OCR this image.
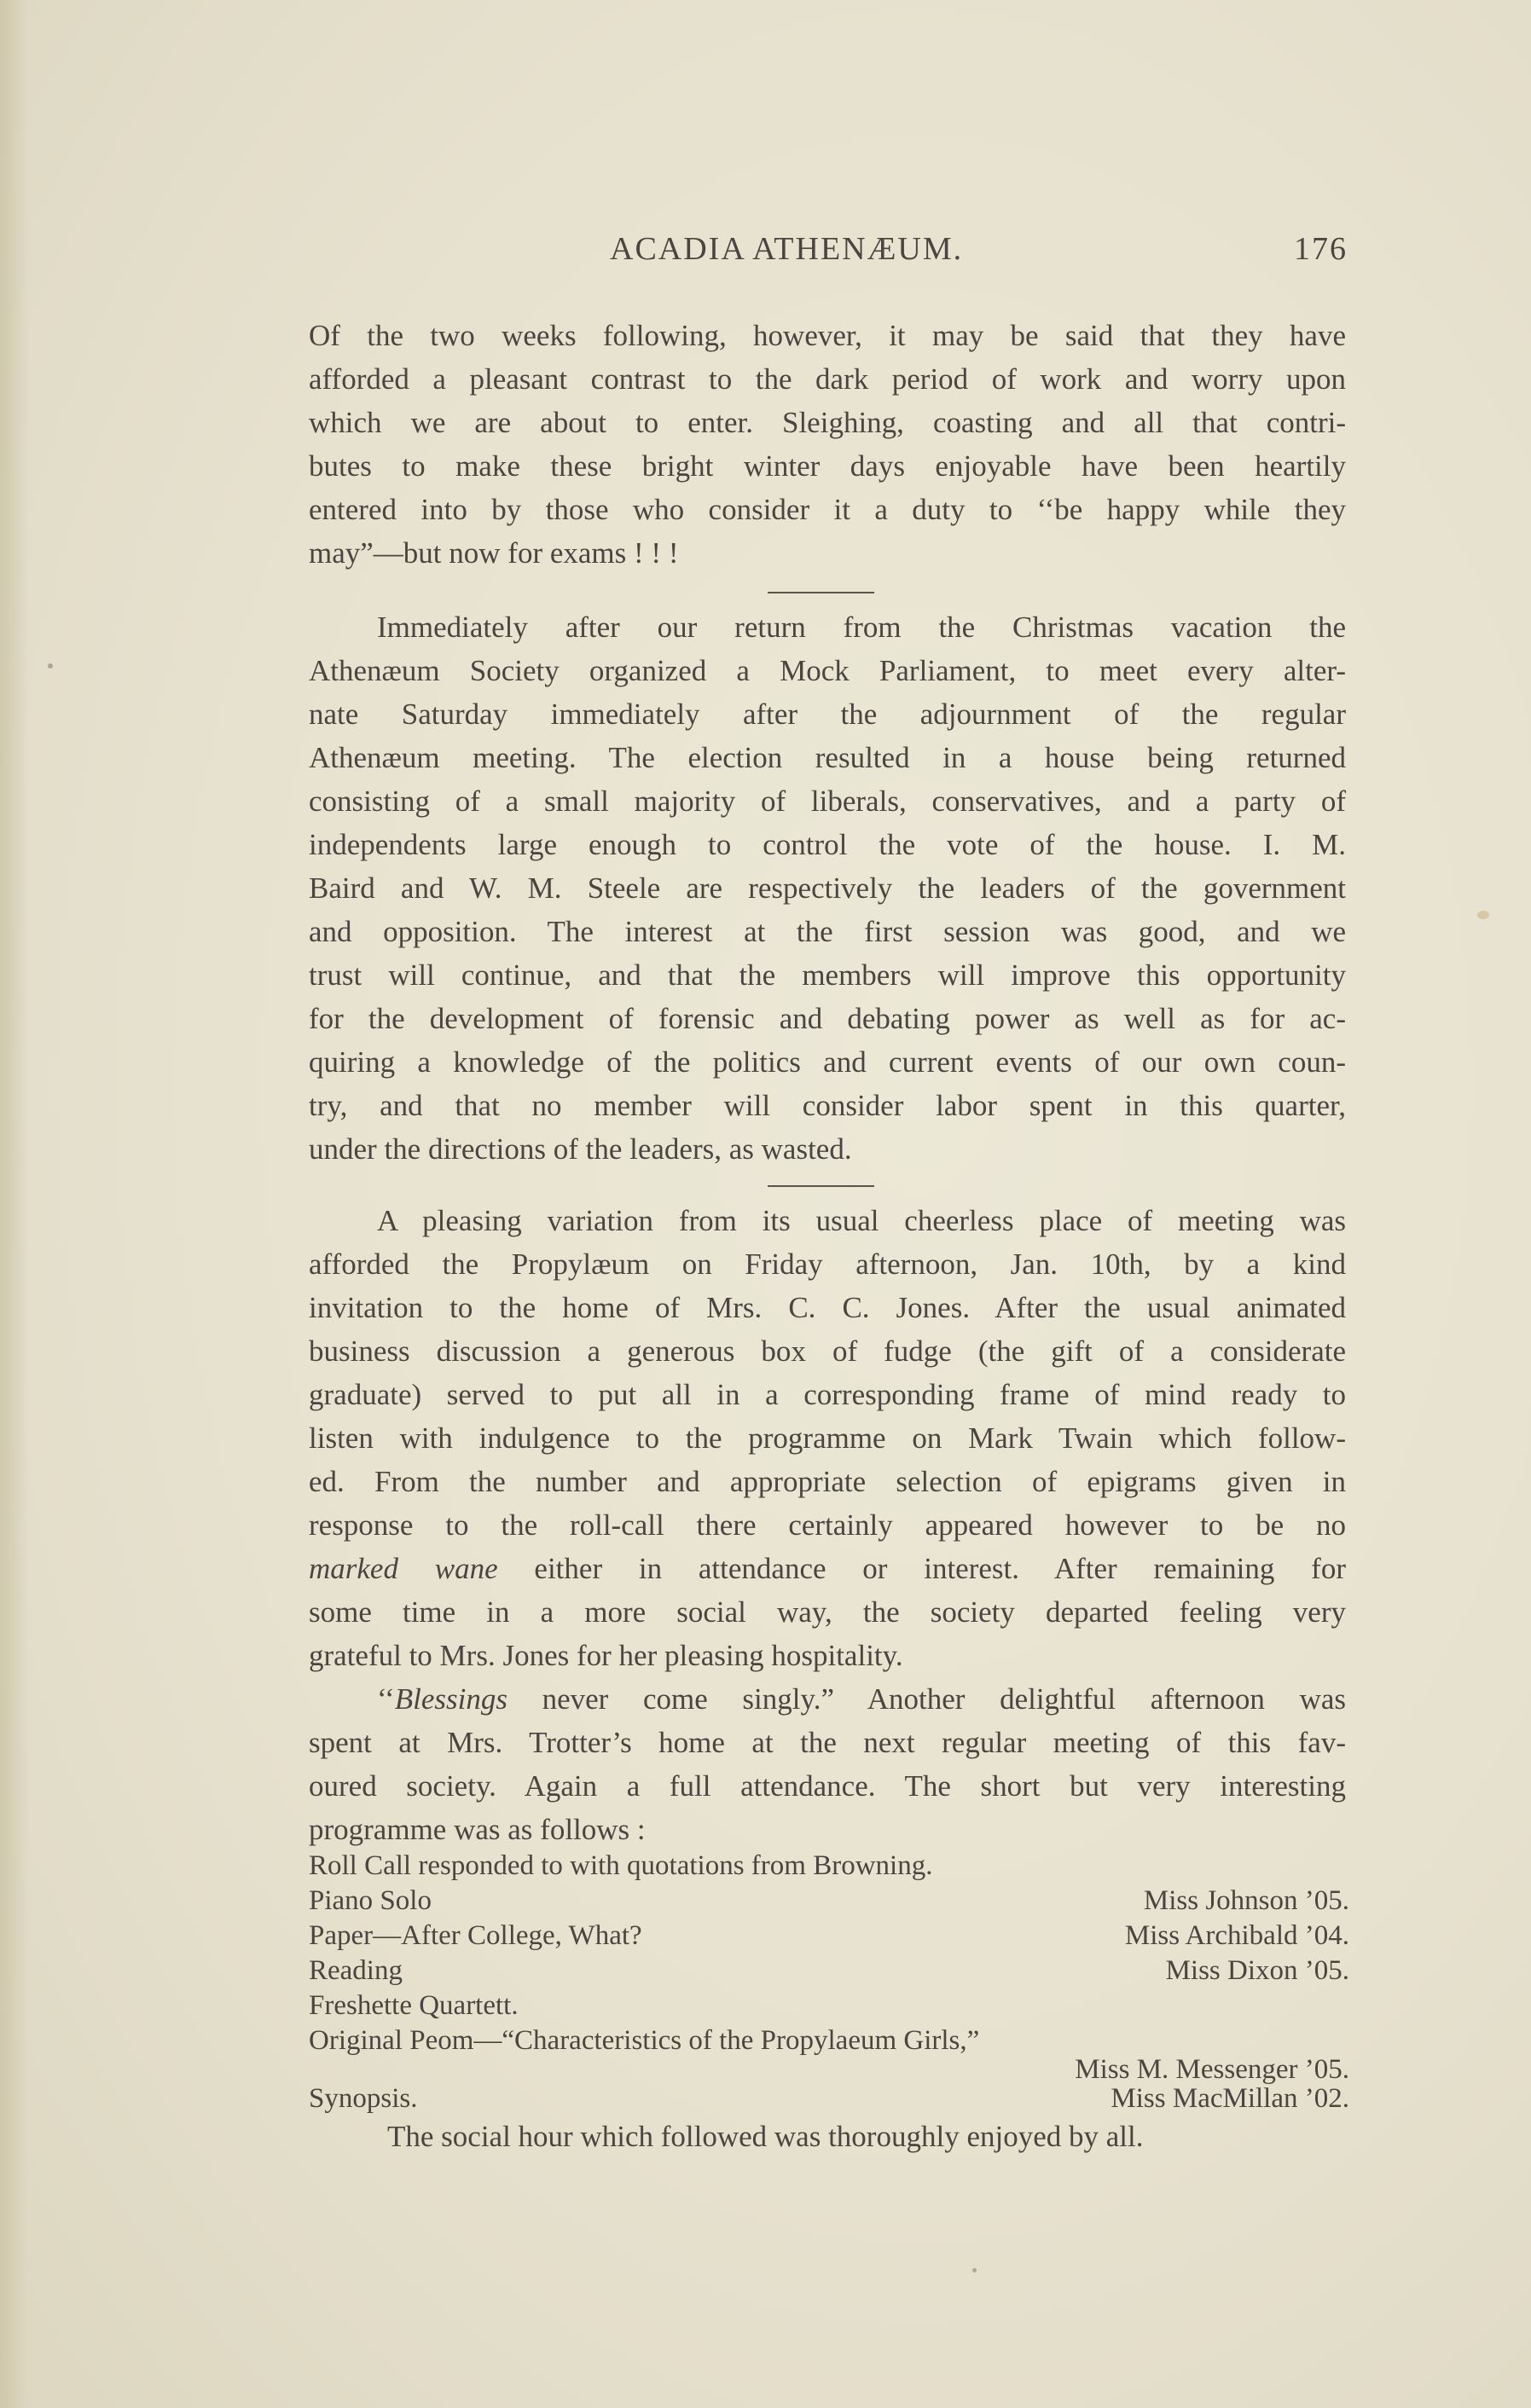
ACADIA ATHENÆUM.	176

Of the two weeks following, however, it may be said that they have
afforded a pleasant contrast to the dark period of work and worry upon
which we are about to enter. Sleighing, coasting and all that contri-
butes to make these bright winter days enjoyable have been heartily
entered into by those who consider it a duty to ‘‘be happy while they
may”—but now for exams ! ! !

Immediately after our return from the Christmas vacation the
Athenæum Society organized a Mock Parliament, to meet every alter-
nate Saturday immediately after the adjournment of the regular
Athenæum meeting. The election resulted in a house being returned
consisting of a small majority of liberals, conservatives, and a party of
independents large enough to control the vote of the house. I. M.
Baird and W. M. Steele are respectively the leaders of the government
and opposition. The interest at the first session was good, and we
trust will continue, and that the members will improve this opportunity
for the development of forensic and debating power as well as for ac-
quiring a knowledge of the politics and current events of our own coun-
try, and that no member will consider labor spent in this quarter,
under the directions of the leaders, as wasted.

A pleasing variation from its usual cheerless place of meeting was
afforded the Propylæum on Friday afternoon, Jan. 10th, by a kind
invitation to the home of Mrs. C. C. Jones. After the usual animated
business discussion a generous box of fudge (the gift of a considerate
graduate) served to put all in a corresponding frame of mind ready to
listen with indulgence to the programme on Mark Twain which follow-
ed. From the number and appropriate selection of epigrams given in
response to the roll-call there certainly appeared however to be no
marked wane either in attendance or interest. After remaining for
some time in a more social way, the society departed feeling very
grateful to Mrs. Jones for her pleasing hospitality.

‘‘Blessings never come singly.” Another delightful afternoon was
spent at Mrs. Trotter’s home at the next regular meeting of this fav-
oured society. Again a full attendance. The short but very interesting
programme was as follows :

Roll Call responded to with quotations from Browning.
Piano Solo	Miss Johnson ’05.
Paper—After College, What?	Miss Archibald ’04.
Reading	Miss Dixon ’05.
Freshette Quartett.
Original Peom—“Characteristics of the Propylaeum Girls,”
Miss M. Messenger ’05.
Synopsis.	Miss MacMillan ’02.
The social hour which followed was thoroughly enjoyed by all.
